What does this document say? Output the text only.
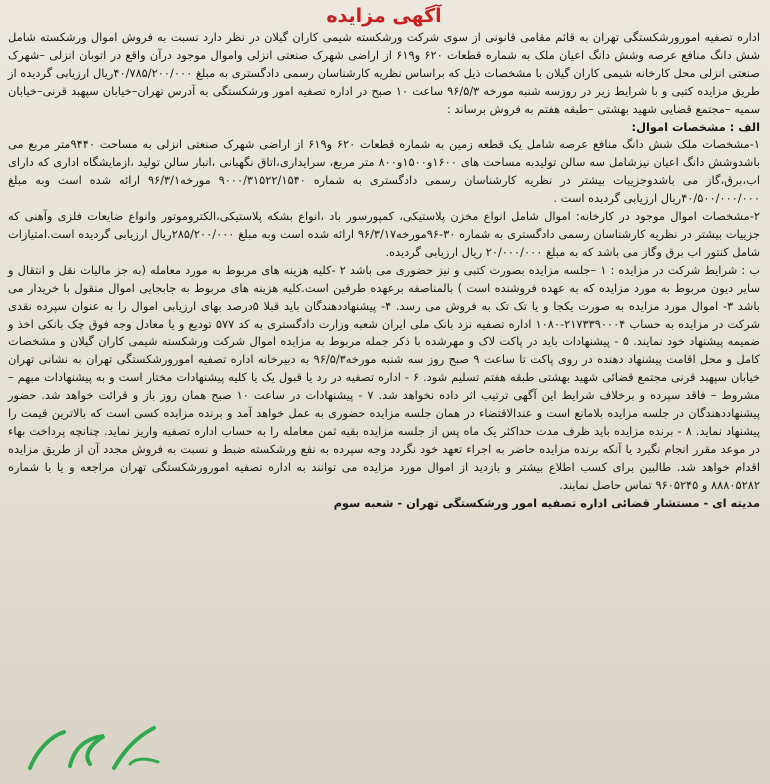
آگهی مزایده

اداره تصفیه امورورشکستگی تهران به قائم مقامی قانونی از سوی شرکت ورشکسته شیمی کاران گیلان در نظر دارد نسبت به فروش اموال ورشکسته شامل شش دانگ منافع عرصه وشش دانگ اعیان ملک به شماره قطعات ۶۲۰ و۶۱۹ از اراضی شهرک صنعتی انزلی واموال موجود درآن واقع در اتوبان انزلی –شهرک صنعتی انزلی محل کارخانه شیمی کاران گیلان با مشخصات ذیل که براساس نظریه کارشناسان رسمی دادگستری به مبلغ ۴۰/۷۸۵/۲۰۰/۰۰۰ریال ارزیابی گردیده از طریق مزایده کتبی و با شرایط زیر در روزسه شنبه مورخه ۹۶/۵/۳ ساعت ۱۰ صبح در اداره تصفیه امور ورشکستگی به آدرس تهران–خیابان سپهبد قرنی–خیابان سمیه –مجتمع قضایی شهید بهشتی –طبقه هفتم به فروش برساند :

الف : مشخصات اموال:

۱-مشخصات ملک شش دانگ منافع عرصه شامل یک قطعه زمین به شماره قطعات ۶۲۰ و۶۱۹ از اراضی شهرک صنعتی انزلی به مساحت ۹۴۴۰متر مربع می باشدوشش دانگ اعیان نیزشامل سه سالن تولیدبه مساحت های ۱۶۰۰و۱۵۰۰و۸۰۰ متر مربع، سرایداری،اتاق نگهبانی ،انبار سالن تولید ،ازمایشگاه اداری که دارای اب،برق،گاز می باشدوجزییات بیشتر در نظریه کارشناسان رسمی دادگستری به شماره ۹۰۰۰/۳۱۵۲۲/۱۵۴۰ مورخه۹۶/۳/۱ ارائه شده است وبه مبلغ ۴۰/۵۰۰/۰۰۰/۰۰۰ریال ارزیابی گردیده است .

۲-مشخصات اموال موجود در کارخانه: اموال شامل انواع مخزن پلاستیکی، کمپورسور باد ،انواع بشکه پلاستیکی،الکتروموتور وانواع ضایعات فلزی وآهنی که جزییات بیشتر در نظریه کارشناسان رسمی دادگستری به شماره ۳۰-۹۶مورخه۹۶/۳/۱۷ ارائه شده است وبه مبلغ ۲۸۵/۲۰۰/۰۰۰ریال ارزیابی گردیده است.امتیازات شامل کنتور اب برق وگاز می باشد که به مبلغ ۲۰/۰۰۰/۰۰۰ ریال ارزیابی گردیده.

ب : شرایط شرکت در مزایده : ۱ –جلسه مزایده بصورت کتبی و نیز حضوری می باشد ۲ -کلیه هزینه های مربوط به مورد معامله (به جز مالیات نقل و انتقال و سایر دیون مربوط به مورد مزایده که به عهده فروشنده است ) بالمناصفه برعهده طرفین است.کلیه هزینه های مربوط به جابجایی اموال منقول با خریدار می باشد ۳- اموال مورد مزایده به صورت یکجا و یا تک تک به فروش می رسد. ۴- پیشنهاددهندگان باید قبلا ۵درصد بهای ارزیابی اموال را به عنوان سپرده نقدی شرکت در مزایده به حساب ۲۱۷۳۳۹۰۰۰۴-۱۰۸۰ اداره تصفیه نزد بانک ملی ایران شعبه وزارت دادگستری به کد ۵۷۷ تودیع و یا معادل وجه فوق چک بانکی اخذ و ضمیمه پیشنهاد خود نمایند. ۵ - پیشنهادات باید در پاکت لاک و مهرشده با ذکر جمله مربوط به مزایده اموال شرکت ورشکسته شیمی کاران گیلان و مشخصات کامل و محل اقامت پیشنهاد دهنده در روی پاکت تا ساعت ۹ صبح روز سه شنبه مورخه۹۶/۵/۳ به دبیرخانه اداره تصفیه امورورشکستگی تهران به نشانی تهران خیابان سپهبد قرنی مجتمع قضائی شهید بهشتی طبقه هفتم تسلیم شود. ۶ - اداره تصفیه در رد یا قبول یک یا کلیه پیشنهادات مختار است و به پیشنهادات مبهم – مشروط – فاقد سپرده و برخلاف شرایط این آگهی ترتیب اثر داده نخواهد شد. ۷ - پیشنهادات در ساعت ۱۰ صبح همان روز باز و قرائت خواهد شد. حضور پیشنهاددهندگان در جلسه مزایده بلامانع است و عندالاقتضاء در همان جلسه مزایده حضوری به عمل خواهد آمد و برنده مزایده کسی است که بالاترین قیمت را پیشنهاد نماید. ۸ - برنده مزایده باید ظرف مدت حداکثر یک ماه پس از جلسه مزایده بقیه ثمن معامله را به حساب اداره تصفیه واریز نماید. چنانچه پرداخت بهاء در موعد مقرر انجام نگیرد یا آنکه برنده مزایده حاضر به اجراء تعهد خود نگردد وجه سپرده به نفع ورشکسته ضبط و نسبت به فروش مجدد آن از طریق مزایده اقدام خواهد شد. طالبین برای کسب اطلاع بیشتر و بازدید از اموال مورد مزایده می توانند به اداره تصفیه امورورشکستگی تهران مراجعه و یا با شماره ۸۸۸۰۵۲۸۲ و ۹۶۰۵۲۴۵ تماس حاصل نمایند.

مدیته ای - مستشار قضائی اداره تصفیه امور ورشکستگی تهران - شعبه سوم
